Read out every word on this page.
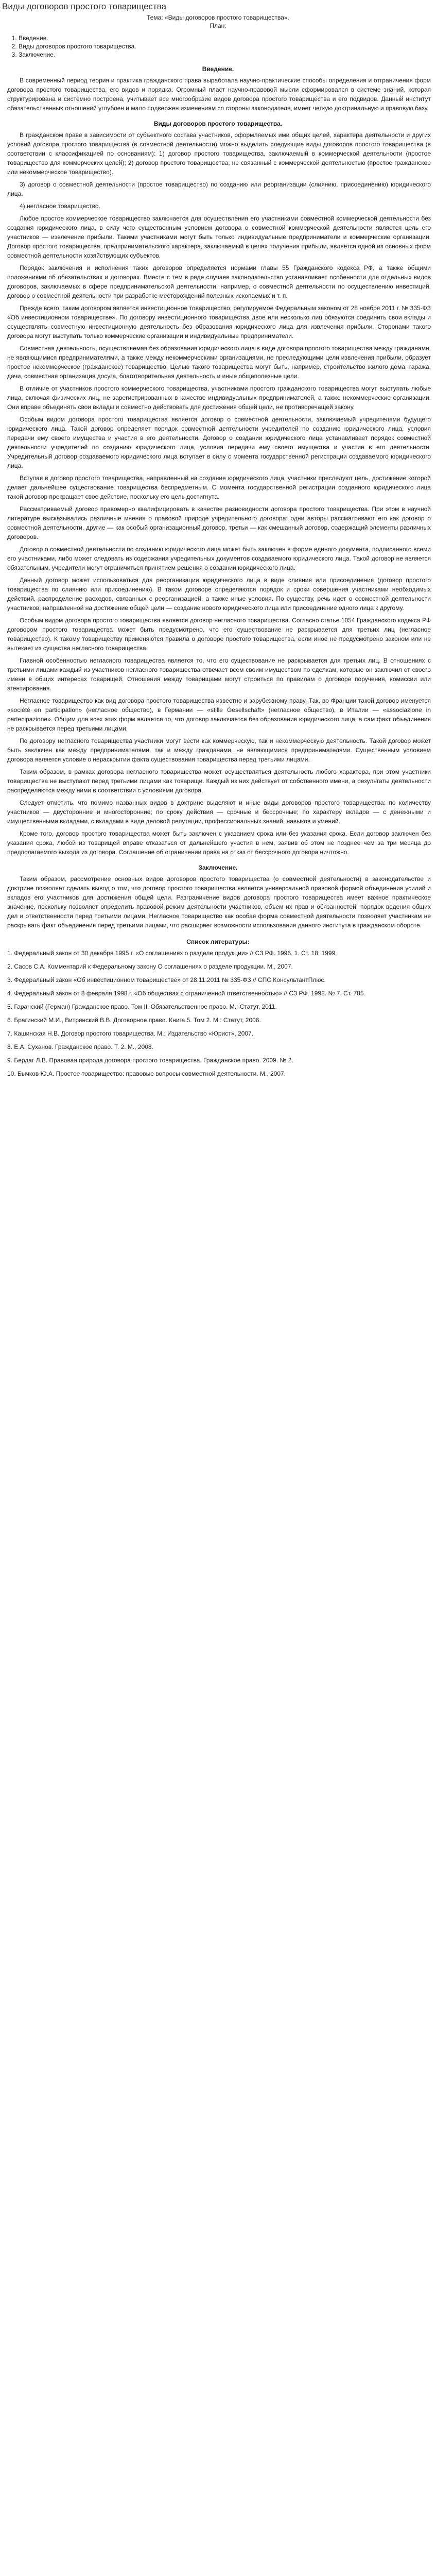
Виды договоров простого товарищества
Тема: «Виды договоров простого товарищества».
План:
1. Введение.
2. Виды договоров простого товарищества.
3. Заключение.
Введение.

В современный период теория и практика гражданского права выработала научно-практические способы определения и отграничения форм договора простого товарищества, его видов и порядка. Огромный пласт научно-правовой мысли сформировался в системе знаний, которая структурирована и системно построена, учитывает все многообразие видов договора простого товарищества и его подвидов. Данный институт обязательственных отношений углублен и мало подвержен изменениям со стороны законодателя, имеет четкую доктринальную и правовую базу.

Виды договоров простого товарищества.

В гражданском праве в зависимости от субъектного состава участников, оформляемых ими общих целей, характера деятельности и других условий договора простого товарищества (в совместной деятельности) можно выделить следующие виды договоров простого товарищества (в соответствии с классификацией по основаниям): 1) договор простого товарищества, заключаемый в коммерческой деятельности (простое товарищество для коммерческих целей); 2) договор простого товарищества, не связанный с коммерческой деятельностью (простое гражданское или некоммерческое товарищество).

3) договор о совместной деятельности (простое товарищество) по созданию или реорганизации (слиянию, присоединению) юридического лица.

4) негласное товарищество.

Любое простое коммерческое товарищество заключается для осуществления его участниками совместной коммерческой деятельности без создания юридического лица, в силу чего существенным условием договора о совместной коммерческой деятельности является цель его участников — извлечение прибыли. Такими участниками могут быть только индивидуальные предприниматели и коммерческие организации. Договор простого товарищества, предпринимательского характера, заключаемый в целях получения прибыли, является одной из основных форм совместной деятельности хозяйствующих субъектов.

Порядок заключения и исполнения таких договоров определяется нормами главы 55 Гражданского кодекса РФ, а также общими положениями об обязательствах и договорах. Вместе с тем в ряде случаев законодательство устанавливает особенности для отдельных видов договоров, заключаемых в сфере предпринимательской деятельности, например, о совместной деятельности по осуществлению инвестиций, договор о совместной деятельности при разработке месторождений полезных ископаемых и т. п.

Прежде всего, таким договором является инвестиционное товарищество, регулируемое Федеральным законом от 28 ноября 2011 г. № 335-ФЗ «Об инвестиционном товариществе». По договору инвестиционного товарищества двое или несколько лиц обязуются соединить свои вклады и осуществлять совместную инвестиционную деятельность без образования юридического лица для извлечения прибыли. Сторонами такого договора могут выступать только коммерческие организации и индивидуальные предприниматели.

Совместная деятельность, осуществляемая без образования юридического лица в виде договора простого товарищества между гражданами, не являющимися предпринимателями, а также между некоммерческими организациями, не преследующими цели извлечения прибыли, образует простое некоммерческое (гражданское) товарищество. Целью такого товарищества могут быть, например, строительство жилого дома, гаража, дачи, совместная организация досуга, благотворительная деятельность и иные общеполезные цели.

В отличие от участников простого коммерческого товарищества, участниками простого гражданского товарищества могут выступать любые лица, включая физических лиц, не зарегистрированных в качестве индивидуальных предпринимателей, а также некоммерческие организации. Они вправе объединять свои вклады и совместно действовать для достижения общей цели, не противоречащей закону.

Особым видом договора простого товарищества является договор о совместной деятельности, заключаемый учредителями будущего юридического лица. Такой договор определяет порядок совместной деятельности учредителей по созданию юридического лица, условия передачи ему своего имущества и участия в его деятельности. Договор о создании юридического лица устанавливает порядок совместной деятельности учредителей по созданию юридического лица, условия передачи ему своего имущества и участия в его деятельности. Учредительный договор создаваемого юридического лица вступает в силу с момента государственной регистрации создаваемого юридического лица.

Вступая в договор простого товарищества, направленный на создание юридического лица, участники преследуют цель, достижение которой делает дальнейшее существование товарищества беспредметным. С момента государственной регистрации созданного юридического лица такой договор прекращает свое действие, поскольку его цель достигнута.

Рассматриваемый договор правомерно квалифицировать в качестве разновидности договора простого товарищества. При этом в научной литературе высказывались различные мнения о правовой природе учредительного договора: одни авторы рассматривают его как договор о совместной деятельности, другие — как особый организационный договор, третьи — как смешанный договор, содержащий элементы различных договоров.

Договор о совместной деятельности по созданию юридического лица может быть заключен в форме единого документа, подписанного всеми его участниками, либо может следовать из содержания учредительных документов создаваемого юридического лица. Такой договор не является обязательным, учредители могут ограничиться принятием решения о создании юридического лица.

Данный договор может использоваться для реорганизации юридического лица в виде слияния или присоединения (договор простого товарищества по слиянию или присоединению). В таком договоре определяются порядок и сроки совершения участниками необходимых действий, распределение расходов, связанных с реорганизацией, а также иные условия. По существу, речь идет о совместной деятельности участников, направленной на достижение общей цели — создание нового юридического лица или присоединение одного лица к другому.

Особым видом договора простого товарищества является договор негласного товарищества. Согласно статье 1054 Гражданского кодекса РФ договором простого товарищества может быть предусмотрено, что его существование не раскрывается для третьих лиц (негласное товарищество). К такому товариществу применяются правила о договоре простого товарищества, если иное не предусмотрено законом или не вытекает из существа негласного товарищества.

Главной особенностью негласного товарищества является то, что его существование не раскрывается для третьих лиц. В отношениях с третьими лицами каждый из участников негласного товарищества отвечает всем своим имуществом по сделкам, которые он заключил от своего имени в общих интересах товарищей. Отношения между товарищами могут строиться по правилам о договоре поручения, комиссии или агентирования.

Негласное товарищество как вид договора простого товарищества известно и зарубежному праву. Так, во Франции такой договор именуется «société en participation» (негласное общество), в Германии — «stille Gesellschaft» (негласное общество), в Италии — «associazione in partecipazione». Общим для всех этих форм является то, что договор заключается без образования юридического лица, а сам факт объединения не раскрывается перед третьими лицами.

По договору негласного товарищества участники могут вести как коммерческую, так и некоммерческую деятельность. Такой договор может быть заключен как между предпринимателями, так и между гражданами, не являющимися предпринимателями. Существенным условием договора является условие о нераскрытии факта существования товарищества перед третьими лицами.

Таким образом, в рамках договора негласного товарищества может осуществляться деятельность любого характера, при этом участники товарищества не выступают перед третьими лицами как товарищи. Каждый из них действует от собственного имени, а результаты деятельности распределяются между ними в соответствии с условиями договора.

Следует отметить, что помимо названных видов в доктрине выделяют и иные виды договоров простого товарищества: по количеству участников — двусторонние и многосторонние; по сроку действия — срочные и бессрочные; по характеру вкладов — с денежными и имущественными вкладами, с вкладами в виде деловой репутации, профессиональных знаний, навыков и умений.

Кроме того, договор простого товарищества может быть заключен с указанием срока или без указания срока. Если договор заключен без указания срока, любой из товарищей вправе отказаться от дальнейшего участия в нем, заявив об этом не позднее чем за три месяца до предполагаемого выхода из договора. Соглашение об ограничении права на отказ от бессрочного договора ничтожно.

Заключение.

Таким образом, рассмотрение основных видов договоров простого товарищества (о совместной деятельности) в законодательстве и доктрине позволяет сделать вывод о том, что договор простого товарищества является универсальной правовой формой объединения усилий и вкладов его участников для достижения общей цели. Разграничение видов договора простого товарищества имеет важное практическое значение, поскольку позволяет определить правовой режим деятельности участников, объем их прав и обязанностей, порядок ведения общих дел и ответственности перед третьими лицами. Негласное товарищество как особая форма совместной деятельности позволяет участникам не раскрывать факт объединения перед третьими лицами, что расширяет возможности использования данного института в гражданском обороте.

Список литературы:
1. Федеральный закон от 30 декабря 1995 г. «О соглашениях о разделе продукции» // СЗ РФ. 1996. 1. Ст. 18; 1999.
2. Сасов С.А. Комментарий к Федеральному закону О соглашениях о разделе продукции. М., 2007.
3. Федеральный закон «Об инвестиционном товариществе» от 28.11.2011 № 335-ФЗ // СПС КонсультантПлюс.
4. Федеральный закон от 8 февраля 1998 г. «Об обществах с ограниченной ответственностью» // СЗ РФ. 1998. № 7. Ст. 785.
5. Гаранский (Герман) Гражданское право. Том II. Обязательственное право. М.: Статут, 2011.
6. Брагинский М.И., Витрянский В.В. Договорное право. Книга 5. Том 2. М.: Статут, 2006.
7. Кашинская Н.В. Договор простого товарищества. М.: Издательство «Юрист», 2007.
8. Е.А. Суханов. Гражданское право. Т. 2. М., 2008.
9. Бердаг Л.В. Правовая природа договора простого товарищества. Гражданское право. 2009. № 2.
10. Бычков Ю.А. Простое товарищество: правовые вопросы совместной деятельности. М., 2007.
